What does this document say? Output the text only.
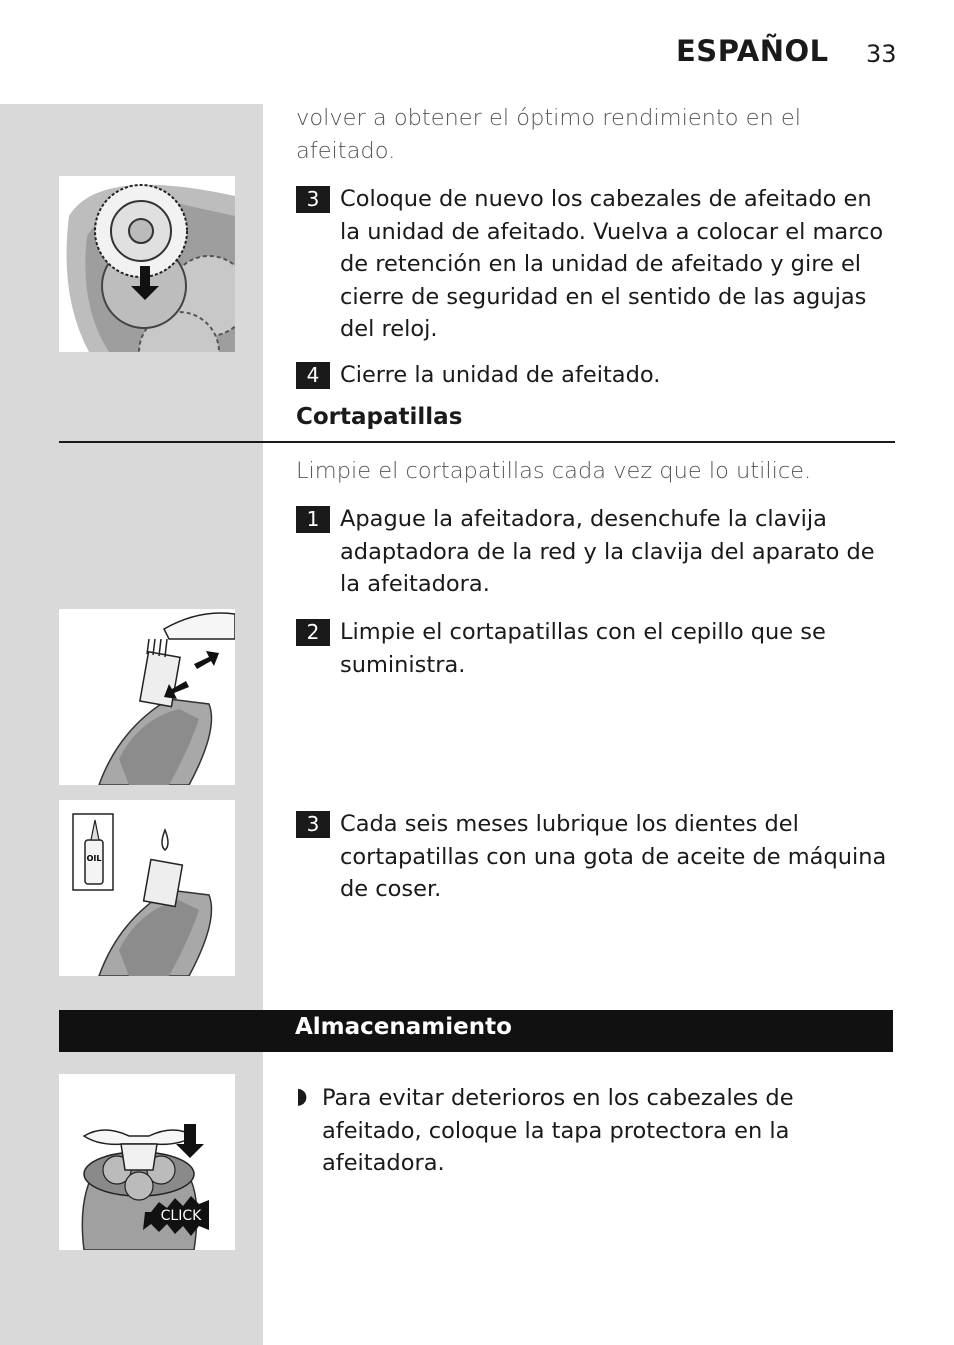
ESPAÑOL 33
volver a obtener el óptimo rendimiento en el afeitado.
3 Coloque de nuevo los cabezales de afeitado en la unidad de afeitado. Vuelva a colocar el marco de retención en la unidad de afeitado y gire el cierre de seguridad en el sentido de las agujas del reloj.
4 Cierre la unidad de afeitado.
Cortapatillas
Limpie el cortapatillas cada vez que lo utilice.
1 Apague la afeitadora, desenchufe la clavija adaptadora de la red y la clavija del aparato de la afeitadora.
2 Limpie el cortapatillas con el cepillo que se suministra.
OIL
3 Cada seis meses lubrique los dientes del cortapatillas con una gota de aceite de máquina de coser.
Almacenamiento
CLICK
◗ Para evitar deterioros en los cabezales de afeitado, coloque la tapa protectora en la afeitadora.
